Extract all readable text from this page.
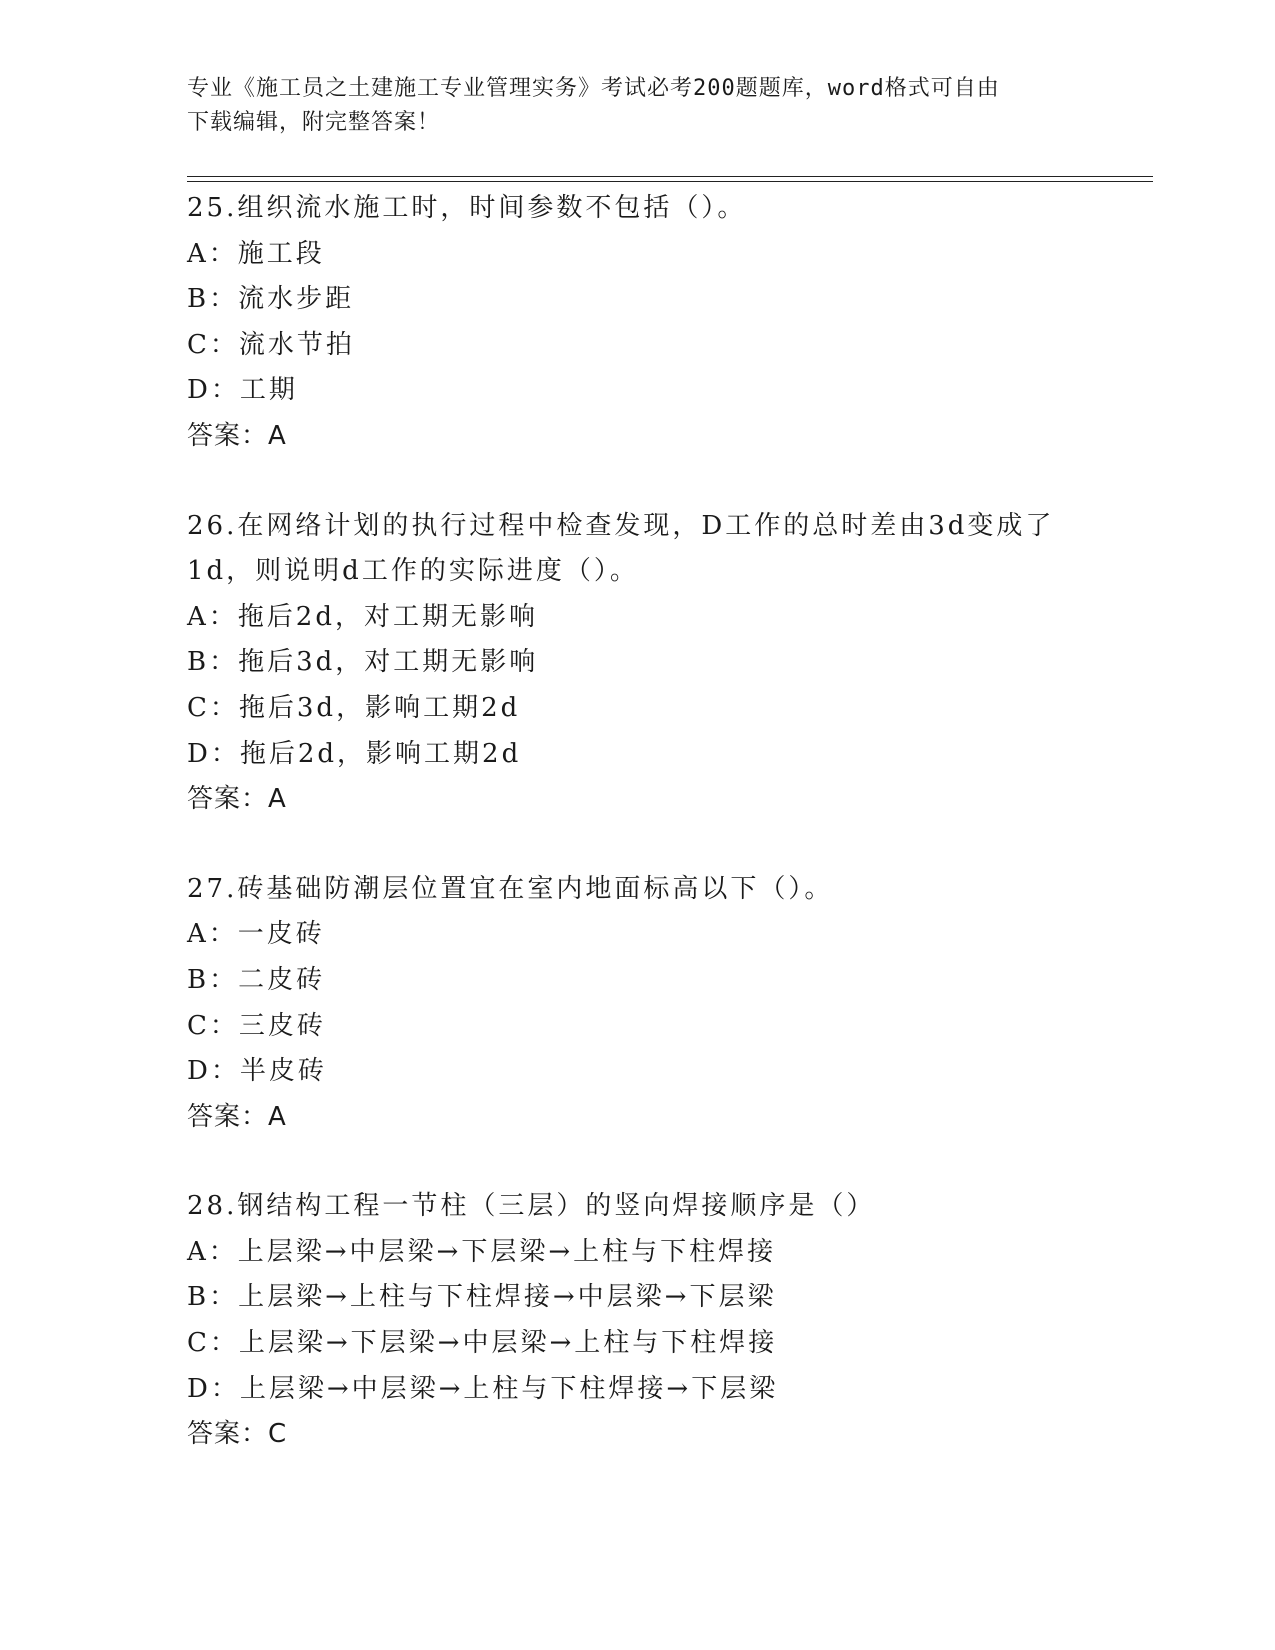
专业《施工员之土建施工专业管理实务》考试必考200题题库，word格式可自由

下载编辑，附完整答案！

25.组织流水施工时，时间参数不包括（）。
A：施工段
B：流水步距
C：流水节拍
D：工期
答案：A
26.在网络计划的执行过程中检查发现，D工作的总时差由3d变成了
1d，则说明d工作的实际进度（）。
A：拖后2d，对工期无影响
B：拖后3d，对工期无影响
C：拖后3d，影响工期2d
D：拖后2d，影响工期2d
答案：A
27.砖基础防潮层位置宜在室内地面标高以下（）。
A：一皮砖
B：二皮砖
C：三皮砖
D：半皮砖
答案：A
28.钢结构工程一节柱（三层）的竖向焊接顺序是（）
A：上层梁→中层梁→下层梁→上柱与下柱焊接
B：上层梁→上柱与下柱焊接→中层梁→下层梁
C：上层梁→下层梁→中层梁→上柱与下柱焊接
D：上层梁→中层梁→上柱与下柱焊接→下层梁
答案：C
